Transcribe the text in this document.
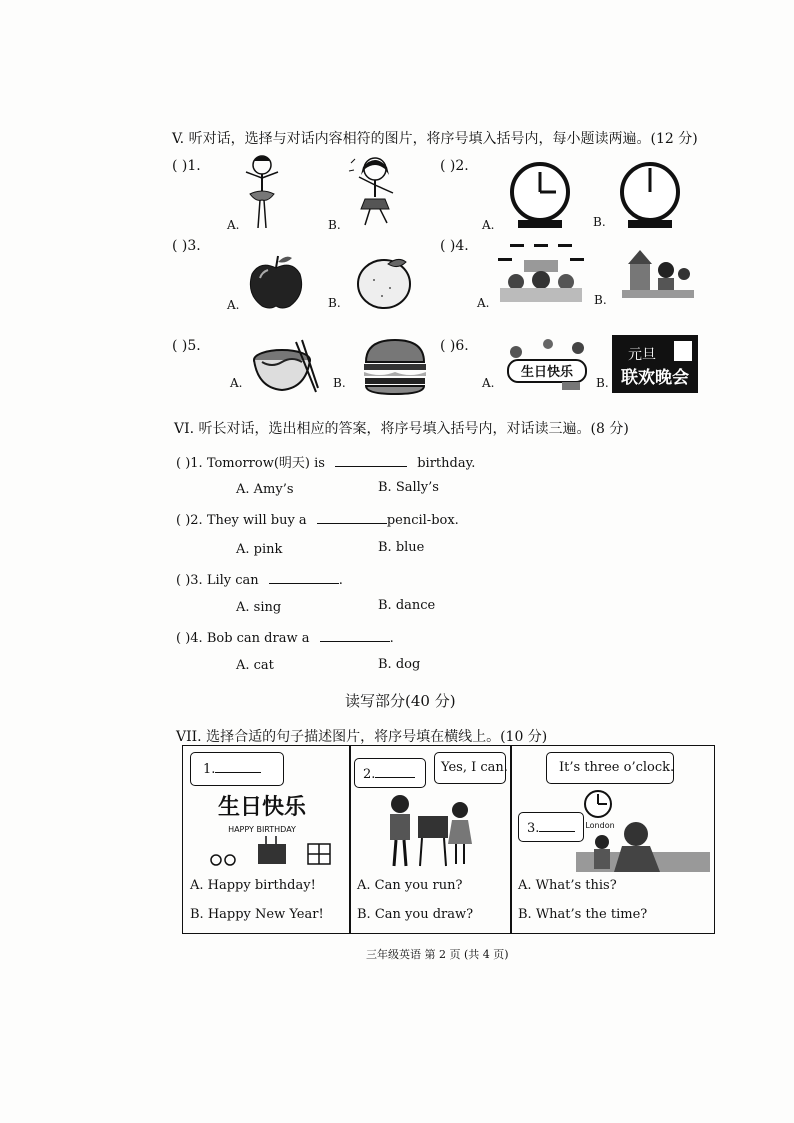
V. 听对话，选择与对话内容相符的图片，将序号填入括号内，每小题读两遍。(12 分)
( )1.
A.	B.
( )2.
A.	B.
( )3.
A.	B.
( )4.
A.	B.
( )5.
A.	B.
( )6.
A.
生日快乐
B.
元旦
联欢晚会
VI. 听长对话，选出相应的答案，将序号填入括号内，对话读三遍。(8 分)
( )1. Tomorrow(明天) is	birthday.
A. Amy’s	B. Sally’s
( )2. They will buy a	pencil-box.
A. pink	B. blue
( )3. Lily can	.
A. sing	B. dance
( )4. Bob can draw a	.
A. cat	B. dog
读写部分(40 分)
VII. 选择合适的句子描述图片，将序号填在横线上。(10 分)
1.
生日快乐
HAPPY BIRTHDAY
A. Happy birthday!
B. Happy New Year!
2.	Yes, I can.
A. Can you run?
B. Can you draw?
It’s three o’clock.
London
3.
A. What’s this?
B. What’s the time?
三年级英语 第 2 页 (共 4 页)
